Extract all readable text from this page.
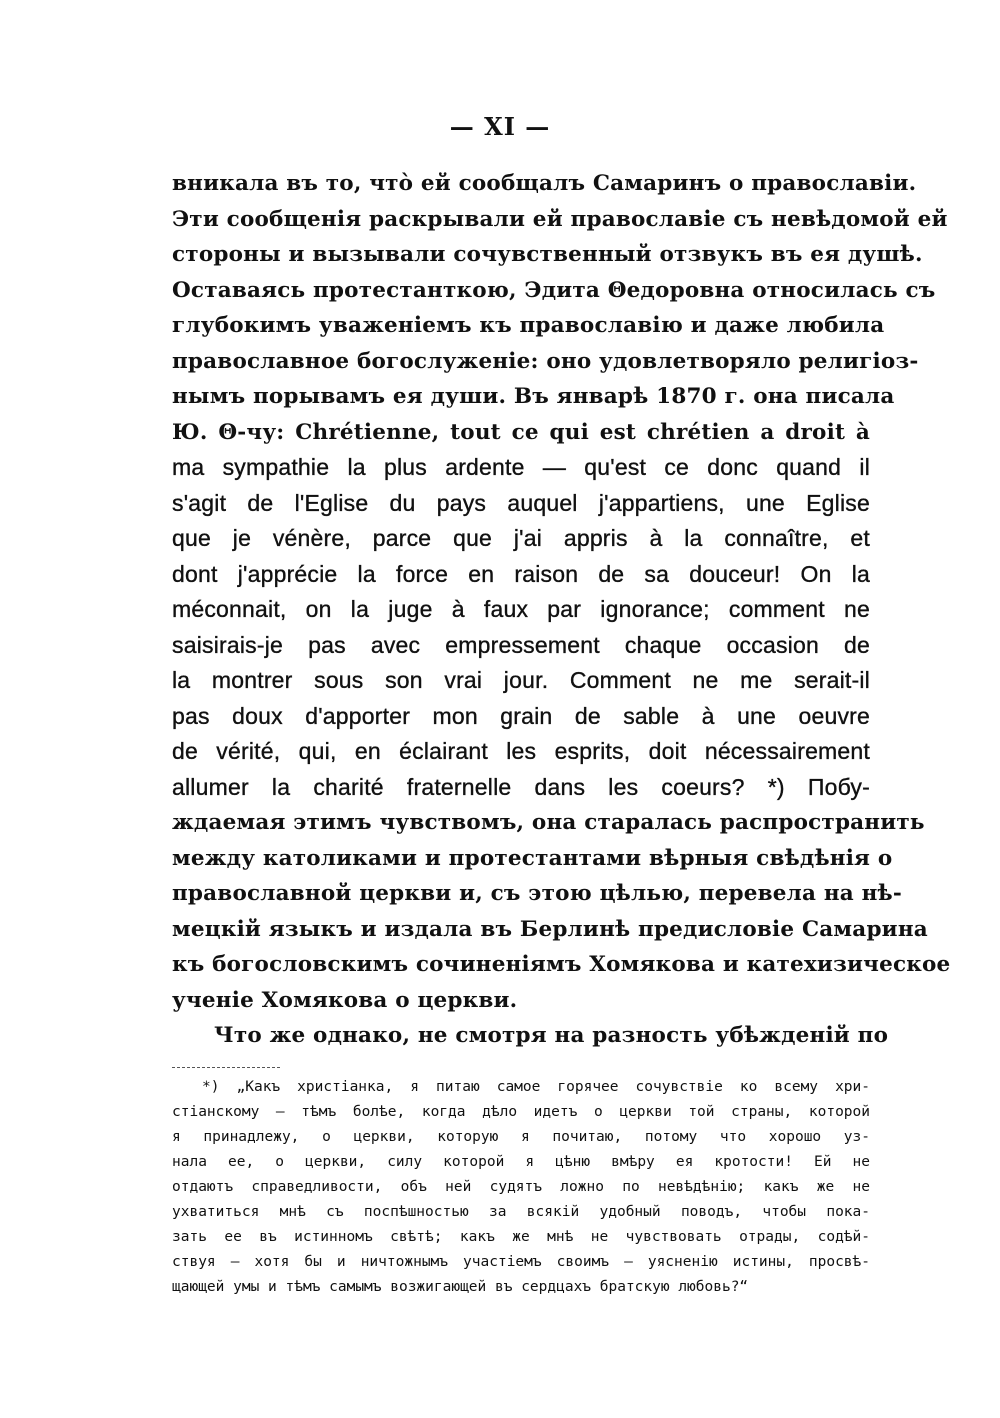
— XI —
вникала въ то, что̀ ей сообщалъ Самаринъ о православіи.
Эти сообщенія раскрывали ей православіе съ невѣдомой ей
стороны и вызывали сочувственный отзвукъ въ ея душѣ.
Оставаясь протестанткою, Эдита Θедоровна относилась съ
глубокимъ уваженіемъ къ православію и даже любила
православное богослуженіе: оно удовлетворяло религіоз-
нымъ порывамъ ея души. Въ январѣ 1870 г. она писала
Ю. Θ-чу: Chrétienne, tout ce qui est chrétien a droit à
ma sympathie la plus ardente — qu'est ce donc quand il
s'agit de l'Eglise du pays auquel j'appartiens, une Eglise
que je vénère, parce que j'ai appris à la connaître, et
dont j'apprécie la force en raison de sa douceur! On la
méconnait, on la juge à faux par ignorance; comment ne
saisirais-je pas avec empressement chaque occasion de
la montrer sous son vrai jour. Comment ne me serait-il
pas doux d'apporter mon grain de sable à une oeuvre
de vérité, qui, en éclairant les esprits, doit nécessairement
allumer la charité fraternelle dans les coeurs? *) Побу-
ждаемая этимъ чувствомъ, она старалась распространить
между католиками и протестантами вѣрныя свѣдѣнія о
православной церкви и, съ этою цѣлью, перевела на нѣ-
мецкій языкъ и издала въ Берлинѣ предисловіе Самарина
къ богословскимъ сочиненіямъ Хомякова и катехизическое
ученіе Хомякова о церкви.
Что же однако, не смотря на разность убѣжденій по
*) „Какъ христіанка, я питаю самое горячее сочувствіе ко всему хри-
стіанскому — тѣмъ болѣе, когда дѣло идетъ о церкви той страны, которой
я принадлежу, о церкви, которую я почитаю, потому что хорошо уз-
нала ее, о церкви, силу которой я цѣню вмѣру ея кротости! Ей не
отдаютъ справедливости, объ ней судятъ ложно по невѣдѣнію; какъ же не
ухватиться мнѣ съ поспѣшностью за всякій удобный поводъ, чтобы пока-
зать ее въ истинномъ свѣтѣ; какъ же мнѣ не чувствовать отрады, содѣй-
ствуя — хотя бы и ничтожнымъ участіемъ своимъ — уясненію истины, просвѣ-
щающей умы и тѣмъ самымъ возжигающей въ сердцахъ братскую любовь?“
